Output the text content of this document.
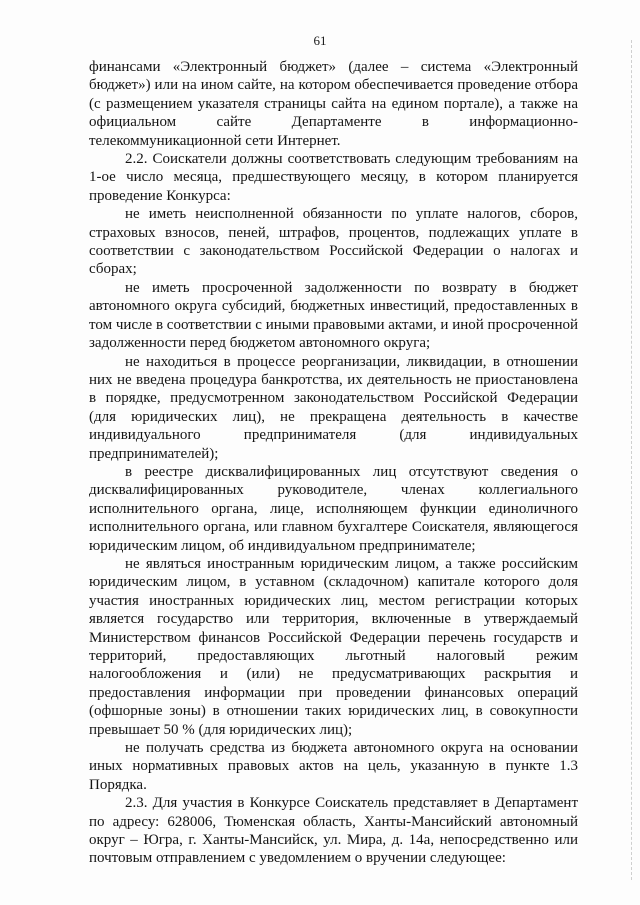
61

финансами «Электронный бюджет» (далее – система «Электронный бюджет») или на ином сайте, на котором обеспечивается проведение отбора (с размещением указателя страницы сайта на едином портале), а также на официальном сайте Департаменте в информационно-телекоммуникационной сети Интернет.

2.2. Соискатели должны соответствовать следующим требованиям на 1-ое число месяца, предшествующего месяцу, в котором планируется проведение Конкурса:

не иметь неисполненной обязанности по уплате налогов, сборов, страховых взносов, пеней, штрафов, процентов, подлежащих уплате в соответствии с законодательством Российской Федерации о налогах и сборах;

не иметь просроченной задолженности по возврату в бюджет автономного округа субсидий, бюджетных инвестиций, предоставленных в том числе в соответствии с иными правовыми актами, и иной просроченной задолженности перед бюджетом автономного округа;

не находиться в процессе реорганизации, ликвидации, в отношении них не введена процедура банкротства, их деятельность не приостановлена в порядке, предусмотренном законодательством Российской Федерации (для юридических лиц), не прекращена деятельность в качестве индивидуального предпринимателя (для индивидуальных предпринимателей);

в реестре дисквалифицированных лиц отсутствуют сведения о дисквалифицированных руководителе, членах коллегиального исполнительного органа, лице, исполняющем функции единоличного исполнительного органа, или главном бухгалтере Соискателя, являющегося юридическим лицом, об индивидуальном предпринимателе;

не являться иностранным юридическим лицом, а также российским юридическим лицом, в уставном (складочном) капитале которого доля участия иностранных юридических лиц, местом регистрации которых является государство или территория, включенные в утверждаемый Министерством финансов Российской Федерации перечень государств и территорий, предоставляющих льготный налоговый режим налогообложения и (или) не предусматривающих раскрытия и предоставления информации при проведении финансовых операций (офшорные зоны) в отношении таких юридических лиц, в совокупности превышает 50 % (для юридических лиц);

не получать средства из бюджета автономного округа на основании иных нормативных правовых актов на цель, указанную в пункте 1.3 Порядка.

2.3. Для участия в Конкурсе Соискатель представляет в Департамент по адресу: 628006, Тюменская область, Ханты-Мансийский автономный округ – Югра, г. Ханты-Мансийск, ул. Мира, д. 14а, непосредственно или почтовым отправлением с уведомлением о вручении следующее:
